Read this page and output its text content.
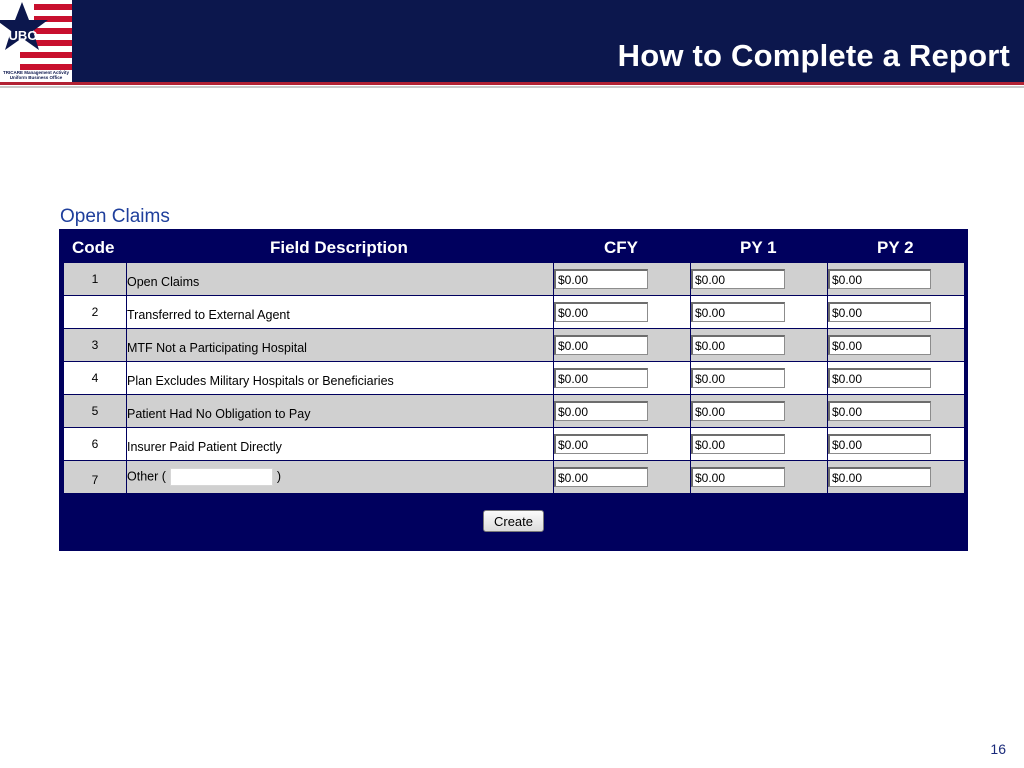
UBO
TRICARE Management Activity
Uniform Business Office
How to Complete a Report
Open Claims
Code	Field Description	CFY	PY 1	PY 2
1	Open Claims	$0.00	$0.00	$0.00
2	Transferred to External Agent	$0.00	$0.00	$0.00
3	MTF Not a Participating Hospital	$0.00	$0.00	$0.00
4	Plan Excludes Military Hospitals or Beneficiaries	$0.00	$0.00	$0.00
5	Patient Had No Obligation to Pay	$0.00	$0.00	$0.00
6	Insurer Paid Patient Directly	$0.00	$0.00	$0.00
7	Other ( )	$0.00	$0.00	$0.00
Create
16
